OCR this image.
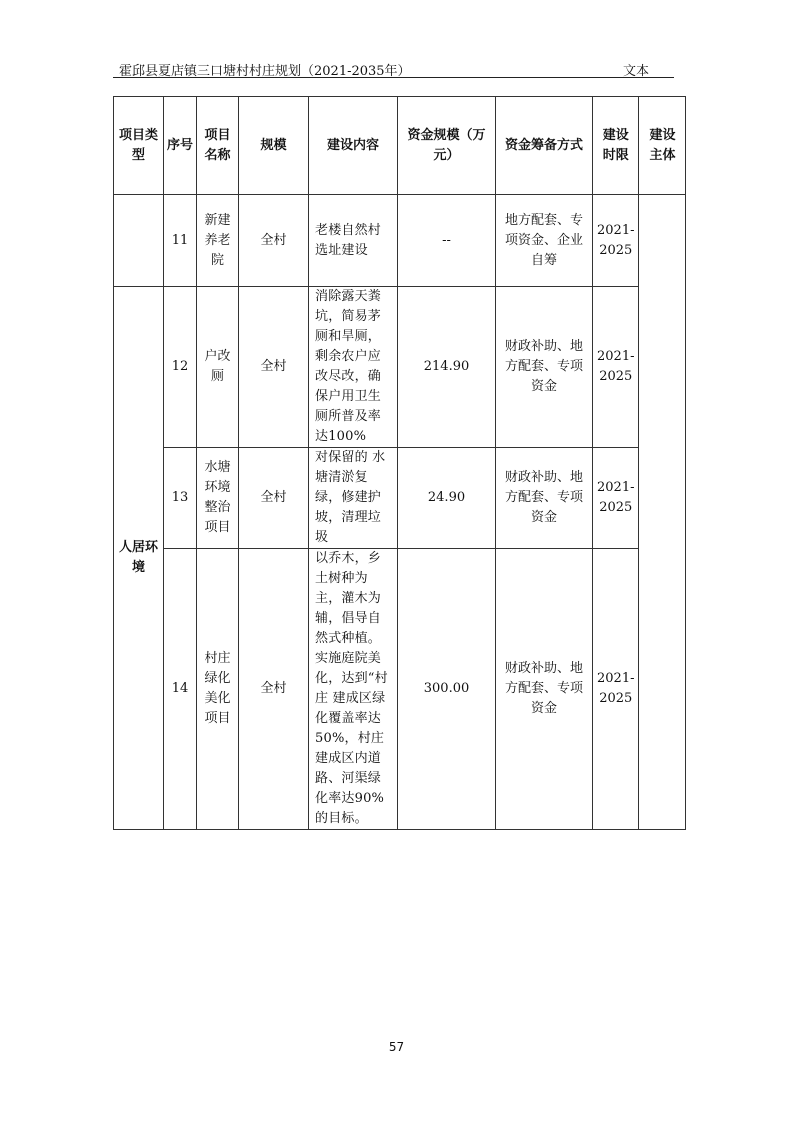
霍邱县夏店镇三口塘村村庄规划（2021-2035年）	文本
项目类型	序号	项目名称	规模	建设内容	资金规模（万元）	资金筹备方式	建设时限	建设主体
	11	新建养老院	全村	老楼自然村选址建设	--	地方配套、专项资金、企业自筹	2021-2025	
人居环境	12	户改厕	全村	消除露天粪坑，简易茅厕和旱厕，剩余农户应改尽改，确保户用卫生厕所普及率达100%	214.90	财政补助、地方配套、专项资金	2021-2025	
	13	水塘环境整治项目	全村	对保留的 水塘清淤复绿，修建护坡，清理垃圾	24.90	财政补助、地方配套、专项资金	2021-2025	
	14	村庄绿化美化项目	全村	以乔木，乡土树种为主，灌木为辅，倡导自然式种植。实施庭院美化，达到“村庄 建成区绿化覆盖率达50%，村庄建成区内道路、河渠绿化率达90%的目标。	300.00	财政补助、地方配套、专项资金	2021-2025	
57
